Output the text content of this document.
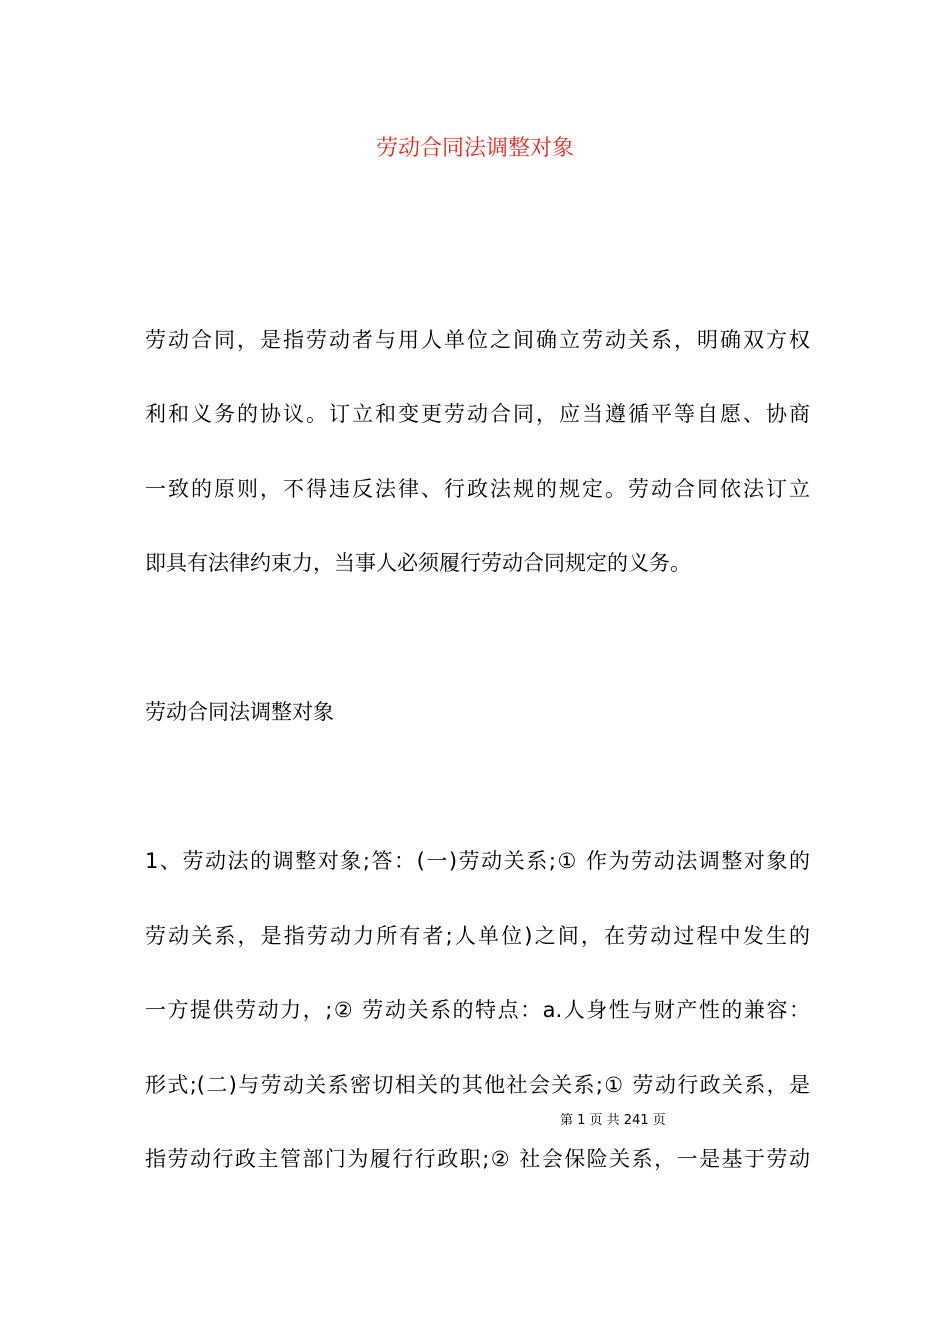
劳动合同法调整对象
劳动合同，是指劳动者与用人单位之间确立劳动关系，明确双方权
利和义务的协议。订立和变更劳动合同，应当遵循平等自愿、协商
一致的原则，不得违反法律、行政法规的规定。劳动合同依法订立
即具有法律约束力，当事人必须履行劳动合同规定的义务。
劳动合同法调整对象
1、劳动法的调整对象;答：(一)劳动关系;① 作为劳动法调整对象的
劳动关系，是指劳动力所有者;人单位)之间，在劳动过程中发生的
一方提供劳动力，;② 劳动关系的特点：a.人身性与财产性的兼容：
形式;(二)与劳动关系密切相关的其他社会关系;① 劳动行政关系，是
指劳动行政主管部门为履行行政职;② 社会保险关系，一是基于劳动
第 1 页 共 241 页
